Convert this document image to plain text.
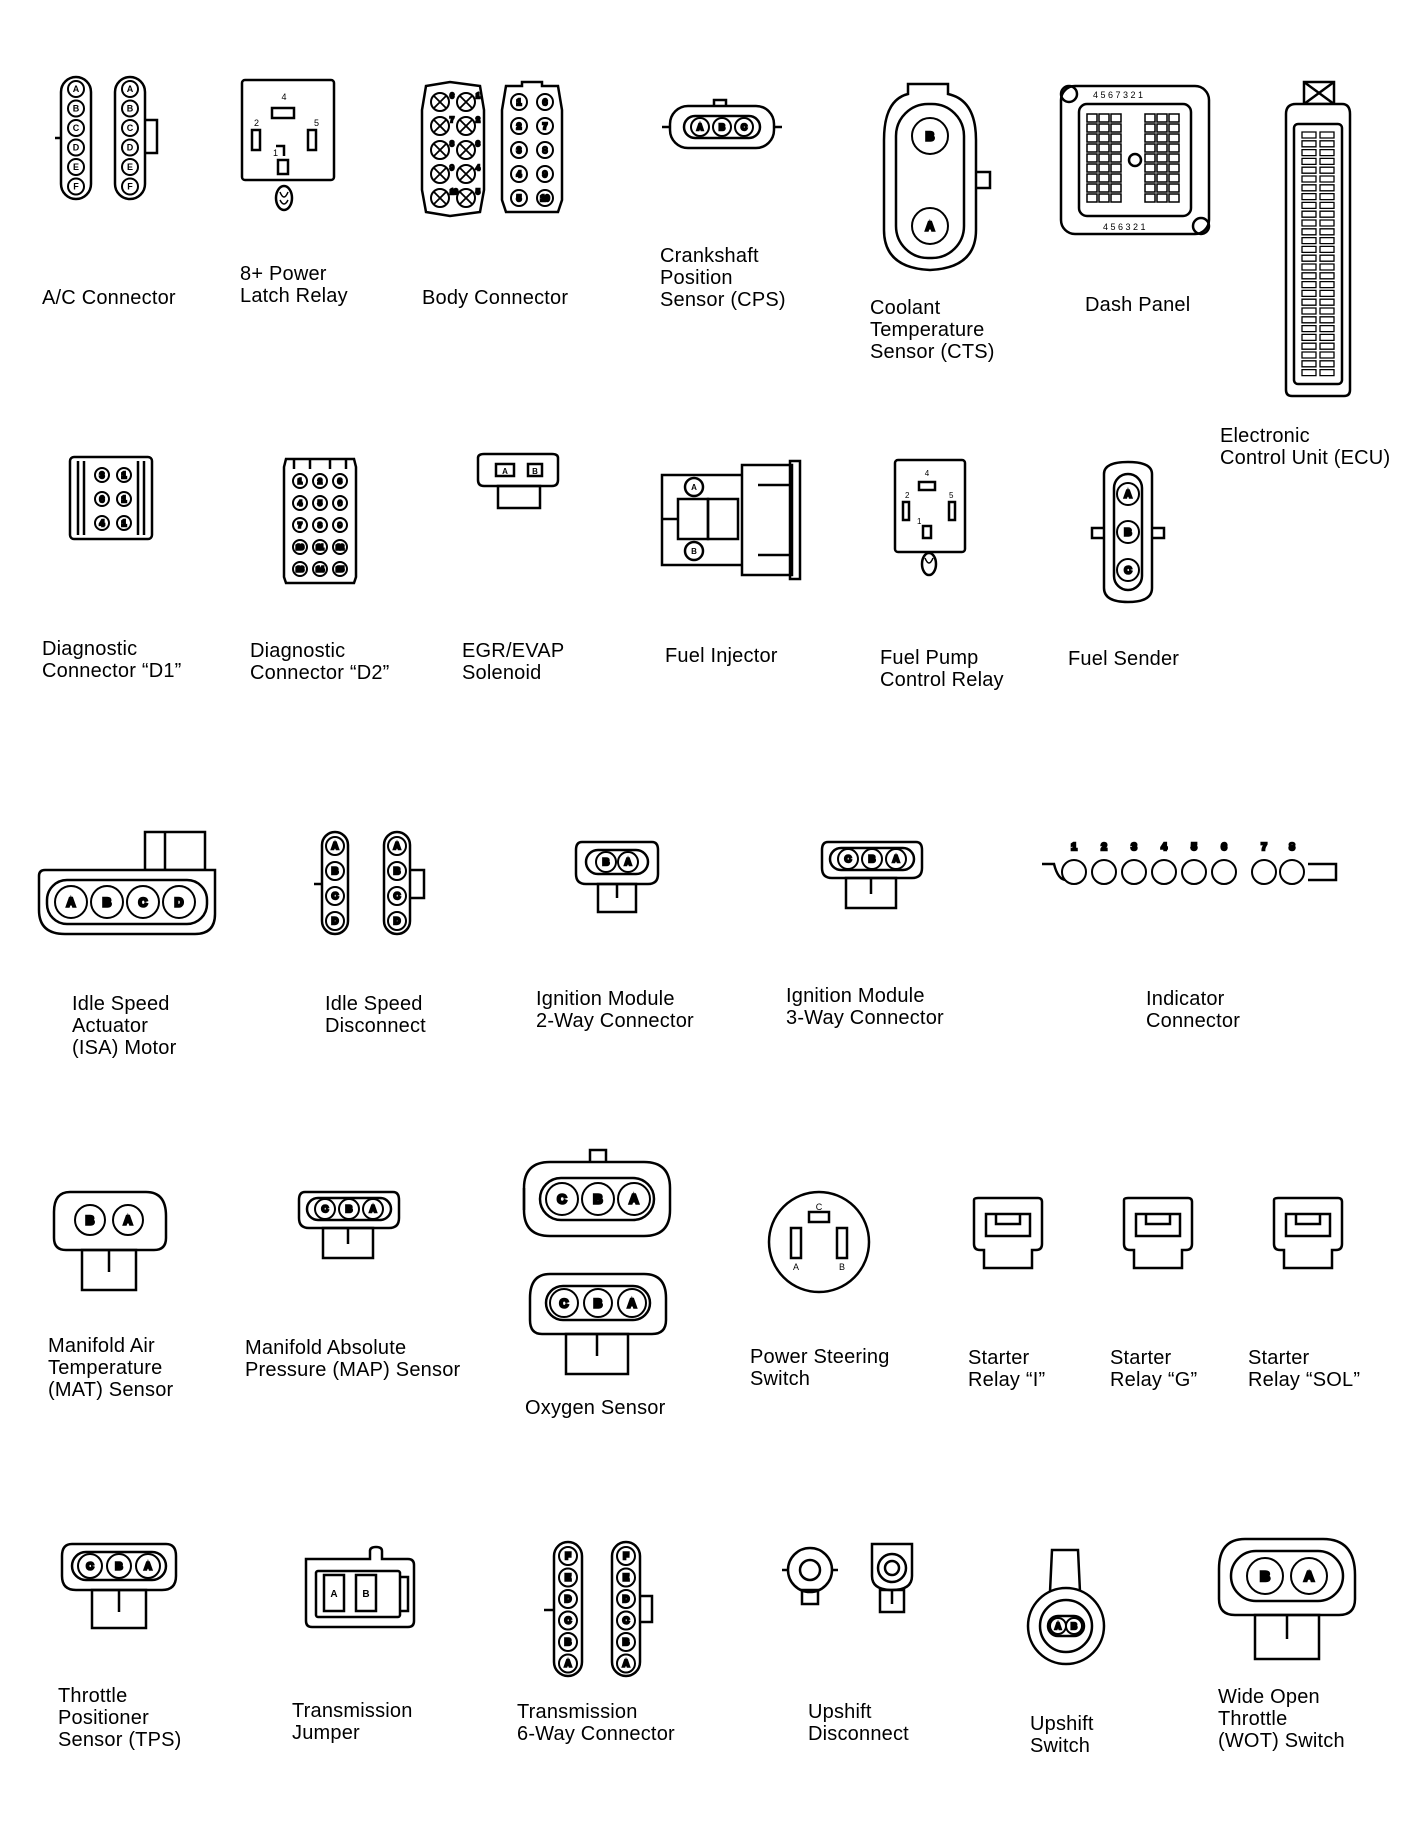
A	A
B	B
C	C
D	D
E	E
F	F
A/C Connector
4
2	5
1
8+ Power
Latch Relay
6
7
8
9
10
1
2
3
4
5
1
2
3
4
5
6
7
8
9
10
Body Connector
A B C
Crankshaft
Position
Sensor (CPS)
B
A
Coolant
Temperature
Sensor (CTS)
4 5 6 7 3 2 1
4 5 6 3 2 1
Dash Panel
Electronic
Control Unit (ECU)
3 1
6 1
4 1
Diagnostic
Connector “D1”
1 2 3
4 5 6
7 8 9
10 11 12
13 14 15
Diagnostic
Connector “D2”
A	B
EGR/EVAP
Solenoid
A
B
Fuel Injector
4
2	5
1
Fuel Pump
Control Relay
A
B
C
Fuel Sender
A B C D
Idle Speed
Actuator
(ISA) Motor
A	A
B	B
C	C
D	D
Idle Speed
Disconnect
B A
Ignition Module
2-Way Connector
C B A
Ignition Module
3-Way Connector
1 2 3 4 5 6	7 8
Indicator
Connector
B A
Manifold Air
Temperature
(MAT) Sensor
C B A
Manifold Absolute
Pressure (MAP) Sensor
C B A
C B A
Oxygen Sensor
C
A	B
Power Steering
Switch
Starter
Relay “I”
Starter
Relay “G”
Starter
Relay “SOL”
C B A
Throttle
Positioner
Sensor (TPS)
A B
Transmission
Jumper
F	F
E	E
D	D
C	C
B	B
A	A
Transmission
6-Way Connector
Upshift
Disconnect
A B
Upshift
Switch
B A
Wide Open
Throttle
(WOT) Switch
